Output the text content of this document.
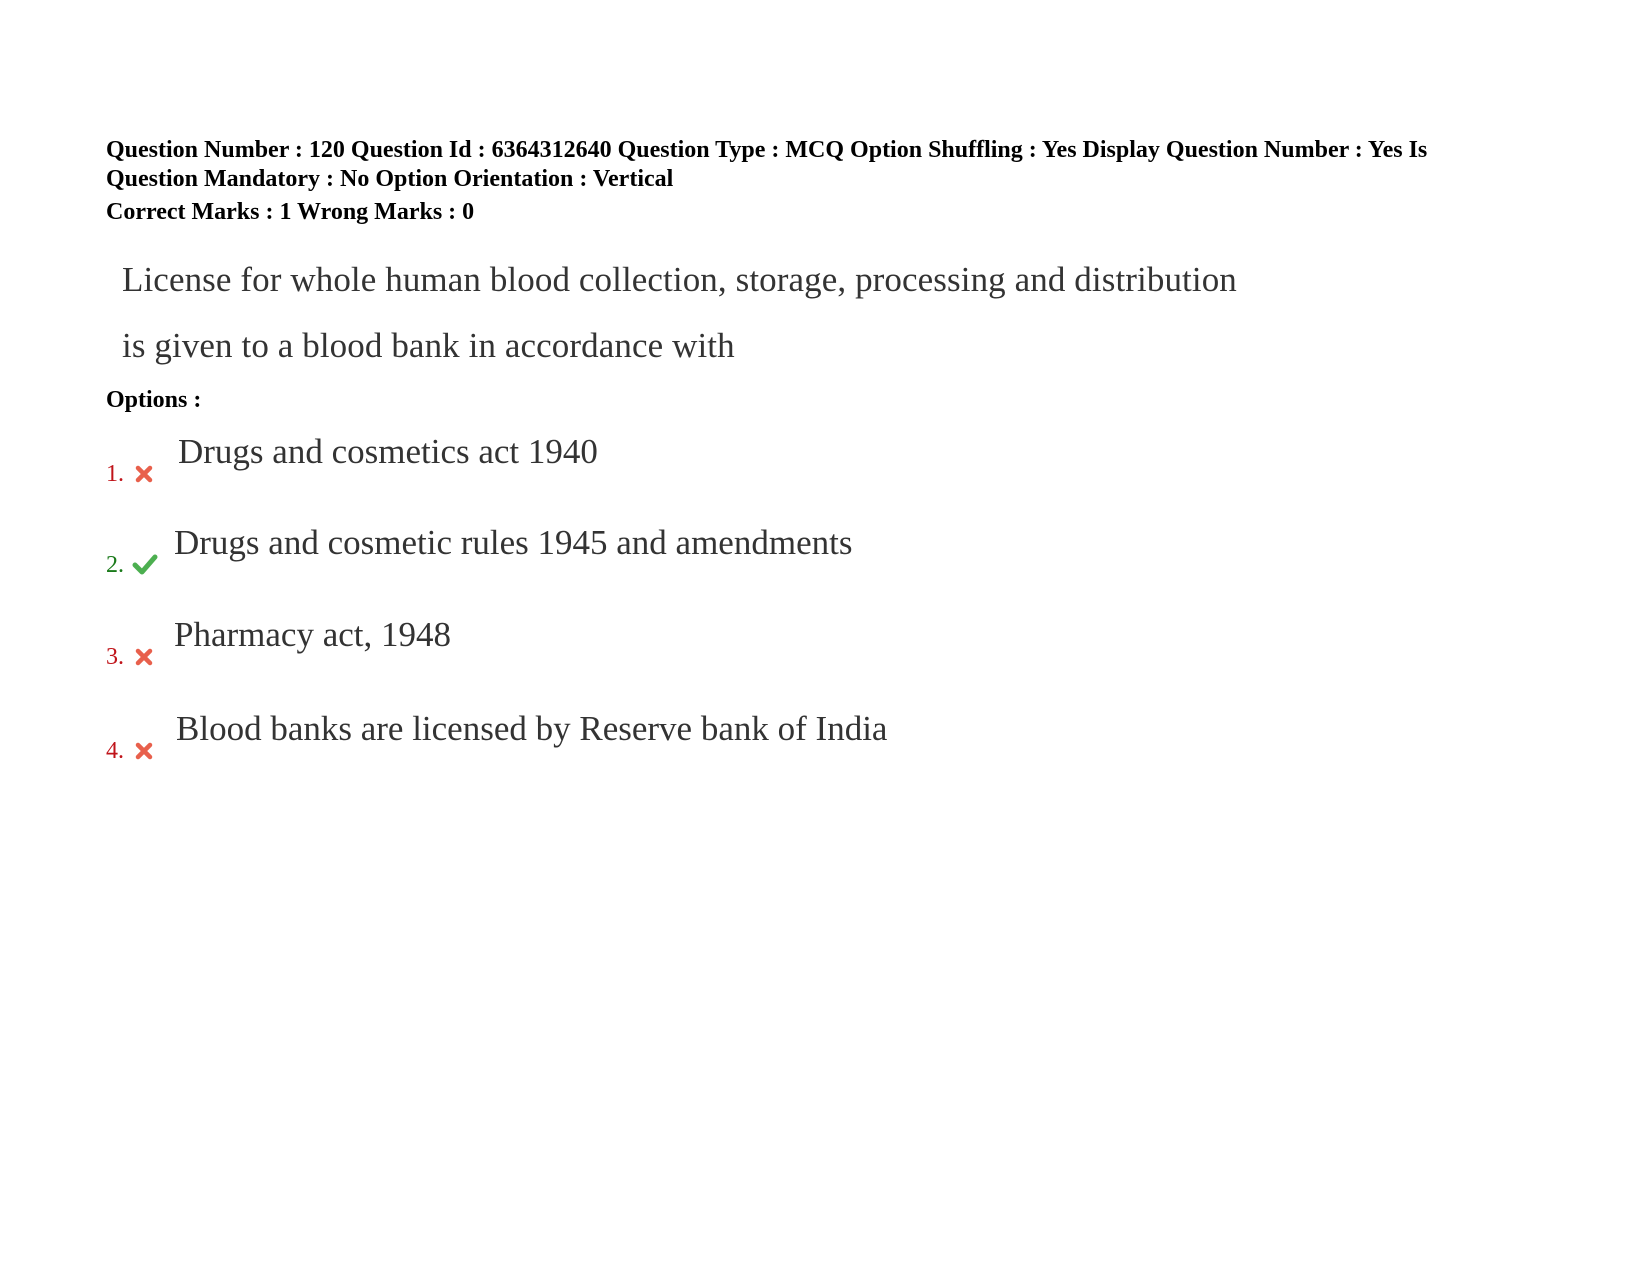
Question Number : 120 Question Id : 6364312640 Question Type : MCQ Option Shuffling : Yes Display Question Number : Yes Is

Question Mandatory : No Option Orientation : Vertical

Correct Marks : 1 Wrong Marks : 0

License for whole human blood collection, storage, processing and distribution

is given to a blood bank in accordance with

Options :
1.
Drugs and cosmetics act 1940
2.
Drugs and cosmetic rules 1945 and amendments
3.
Pharmacy act, 1948
4.
Blood banks are licensed by Reserve bank of India
